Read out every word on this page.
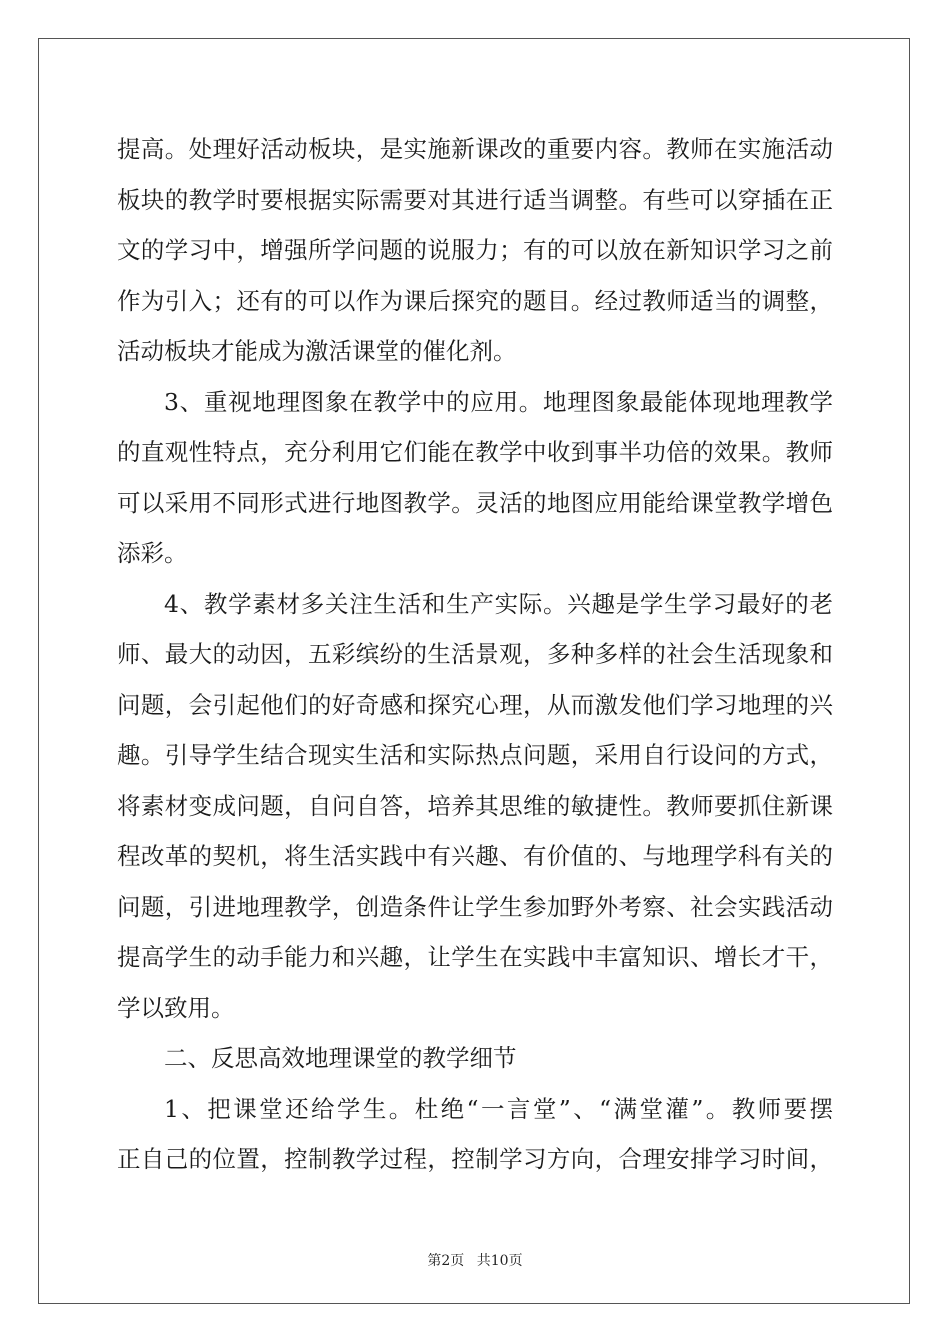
提高。处理好活动板块，是实施新课改的重要内容。教师在实施活动
板块的教学时要根据实际需要对其进行适当调整。有些可以穿插在正
文的学习中，增强所学问题的说服力；有的可以放在新知识学习之前
作为引入；还有的可以作为课后探究的题目。经过教师适当的调整，
活动板块才能成为激活课堂的催化剂。
3、重视地理图象在教学中的应用。地理图象最能体现地理教学
的直观性特点，充分利用它们能在教学中收到事半功倍的效果。教师
可以采用不同形式进行地图教学。灵活的地图应用能给课堂教学增色
添彩。
4、教学素材多关注生活和生产实际。兴趣是学生学习最好的老
师、最大的动因，五彩缤纷的生活景观，多种多样的社会生活现象和
问题，会引起他们的好奇感和探究心理，从而激发他们学习地理的兴
趣。引导学生结合现实生活和实际热点问题，采用自行设问的方式，
将素材变成问题，自问自答，培养其思维的敏捷性。教师要抓住新课
程改革的契机，将生活实践中有兴趣、有价值的、与地理学科有关的
问题，引进地理教学，创造条件让学生参加野外考察、社会实践活动
提高学生的动手能力和兴趣，让学生在实践中丰富知识、增长才干，
学以致用。
二、反思高效地理课堂的教学细节
1、把课堂还给学生。杜绝“一言堂”、“满堂灌”。教师要摆
正自己的位置，控制教学过程，控制学习方向，合理安排学习时间，
第2页 共10页
